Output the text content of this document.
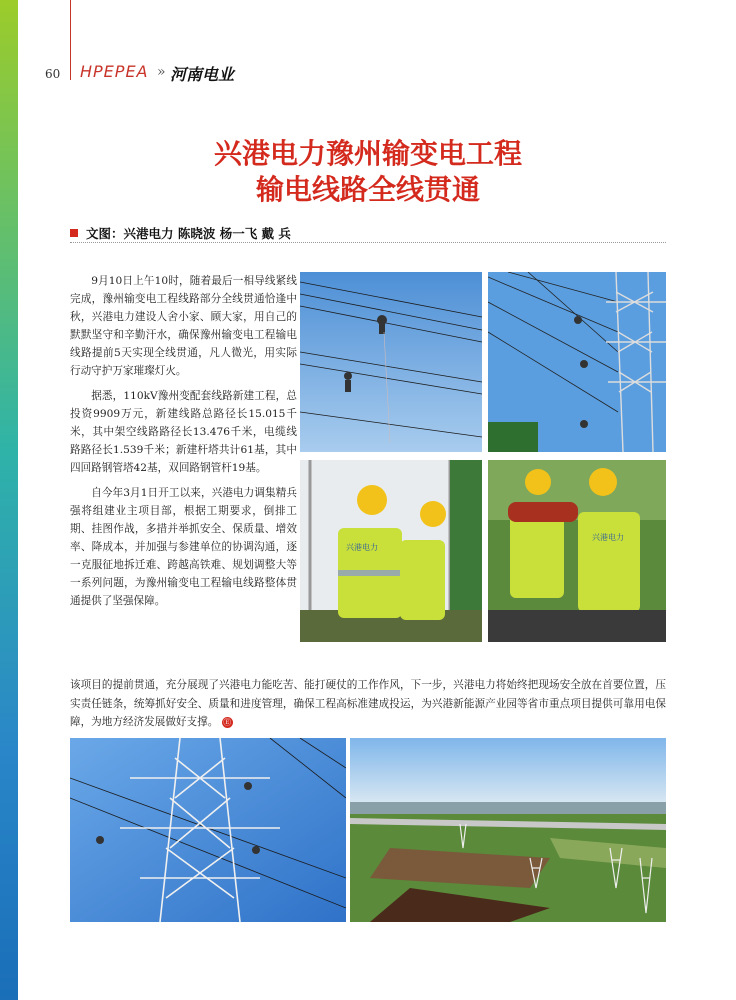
60 HPEPEA » 河南电业
兴港电力豫州输变电工程
输电线路全线贯通
文图：兴港电力 陈晓波 杨一飞 戴 兵

9月10日上午10时，随着最后一相导线紧线完成，豫州输变电工程线路部分全线贯通恰逢中秋，兴港电力建设人舍小家、顾大家，用自己的默默坚守和辛勤汗水，确保豫州输变电工程输电线路提前5天实现全线贯通，凡人微光，用实际行动守护万家璀璨灯火。

据悉，110kV豫州变配套线路新建工程，总投资9909万元，新建线路总路径长15.015千米，其中架空线路路径长13.476千米，电缆线路路径长1.539千米；新建杆塔共计61基，其中四回路钢管塔42基，双回路钢管杆19基。

自今年3月1日开工以来，兴港电力调集精兵强将组建业主项目部，根据工期要求，倒排工期、挂图作战，多措并举抓安全、保质量、增效率、降成本，并加强与参建单位的协调沟通，逐一克服征地拆迁难、跨越高铁难、规划调整大等一系列问题，为豫州输变电工程输电线路整体贯通提供了坚强保障。

该项目的提前贯通，充分展现了兴港电力能吃苦、能打硬仗的工作作风，下一步，兴港电力将始终把现场安全放在首要位置，压实责任链条，统筹抓好安全、质量和进度管理，确保工程高标准建成投运，为兴港新能源产业园等省市重点项目提供可靠用电保障，为地方经济发展做好支撑。 Ⓔ
兴港电力
兴港电力
